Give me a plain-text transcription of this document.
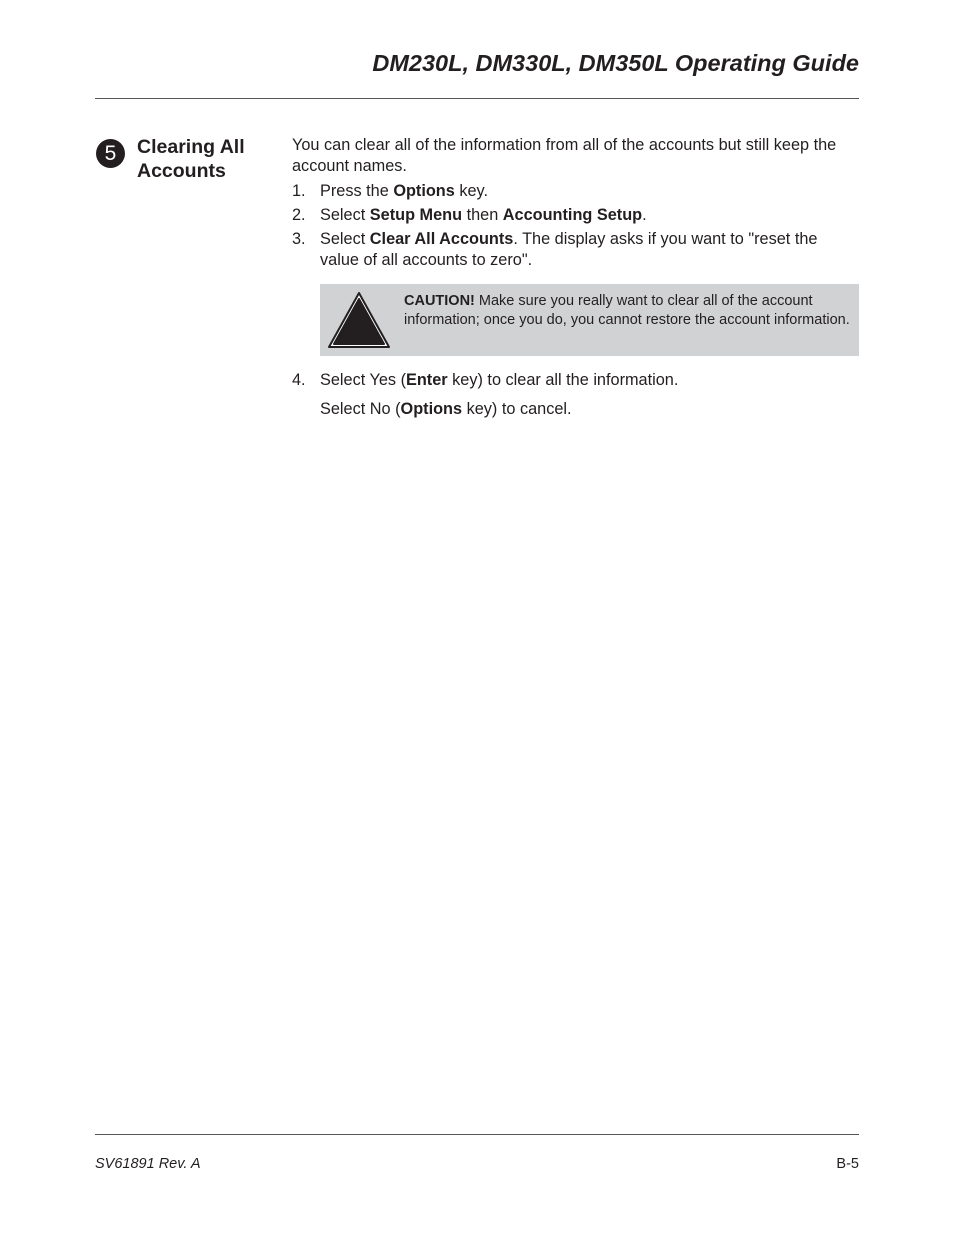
DM230L, DM330L, DM350L Operating Guide
5	Clearing All Accounts
You can clear all of the information from all of the accounts but still keep the account names.
1. Press the Options key.
2. Select Setup Menu then Accounting Setup.
3. Select Clear All Accounts. The display asks if you want to "reset the value of all accounts to zero".
CAUTION! Make sure you really want to clear all of the account information; once you do, you cannot restore the account information.
4. Select Yes (Enter key) to clear all the information.
Select No (Options key) to cancel.
SV61891 Rev. A	B-5
